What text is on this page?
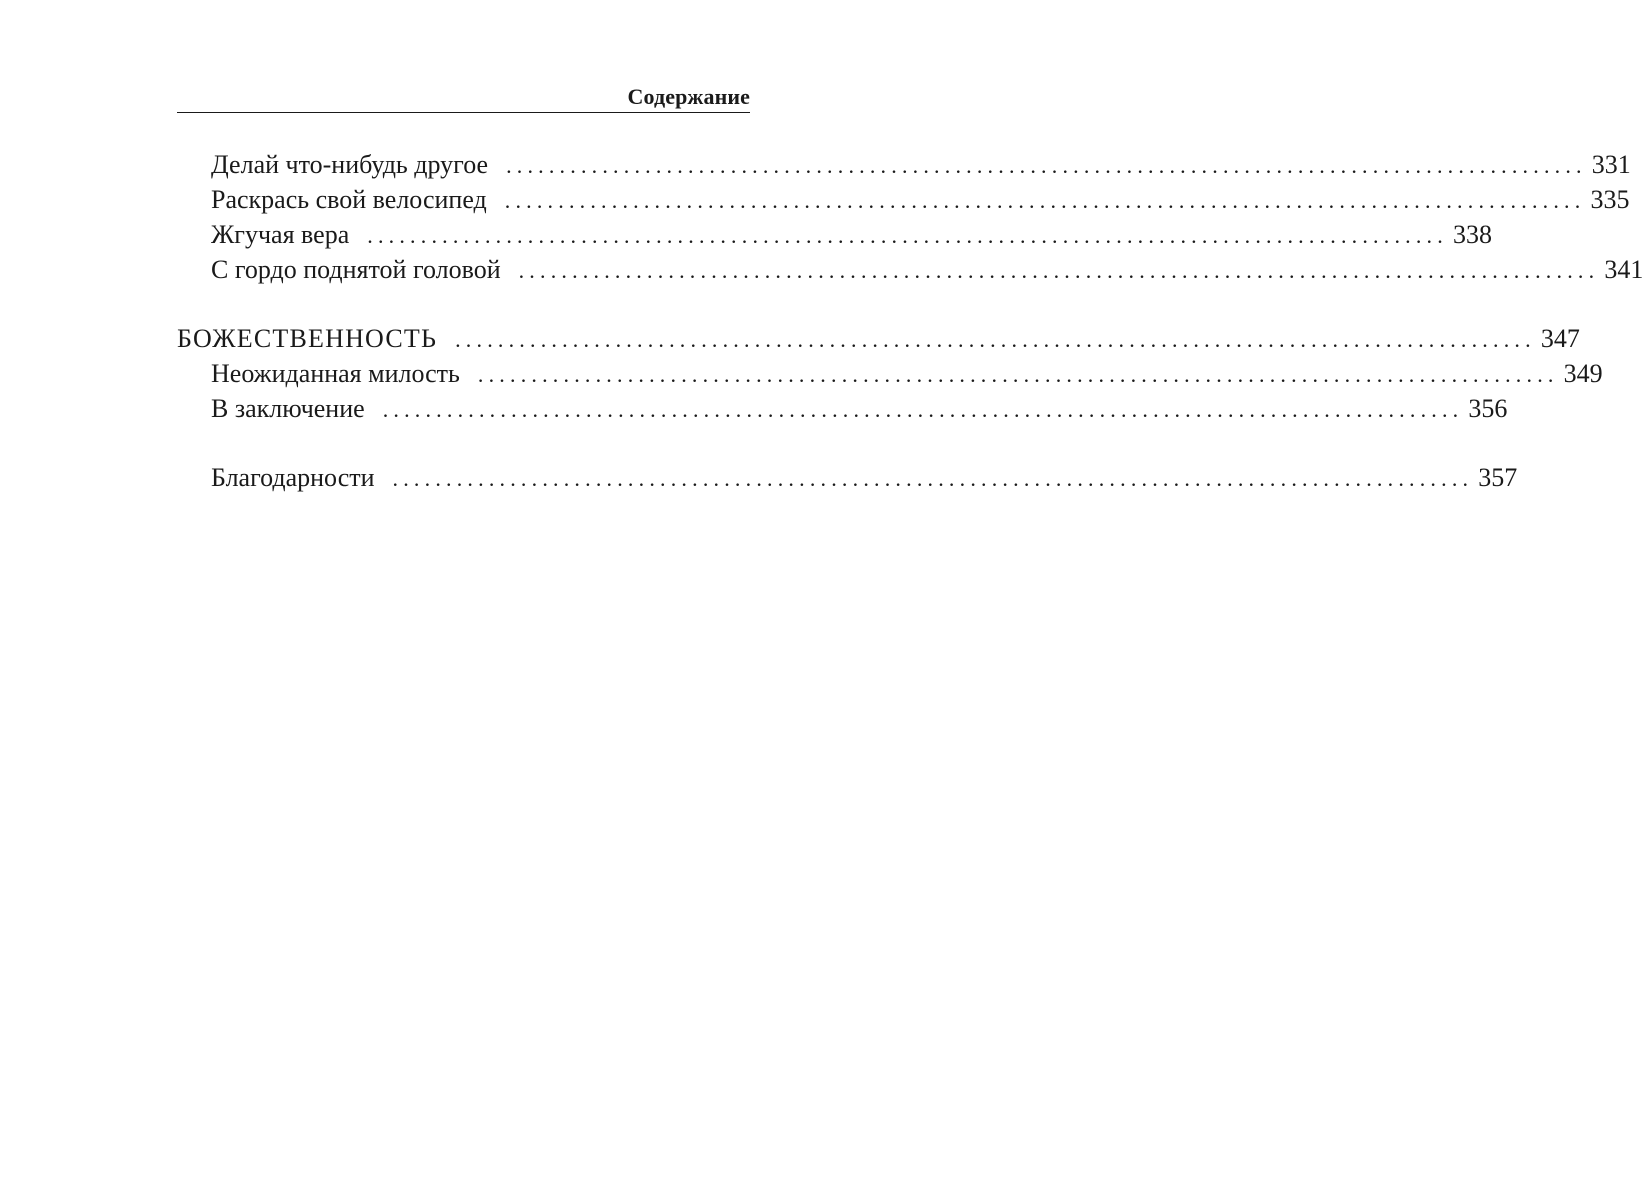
Содержание
Делай что-нибудь другое ..................................................................................................... 331
Раскрась свой велосипед ..................................................................................................... 335
Жгучая вера ..................................................................................................... 338
С гордо поднятой головой ..................................................................................................... 341
БОЖЕСТВЕННОСТЬ ..................................................................................................... 347
Неожиданная милость ..................................................................................................... 349
В заключение ..................................................................................................... 356
Благодарности ..................................................................................................... 357
